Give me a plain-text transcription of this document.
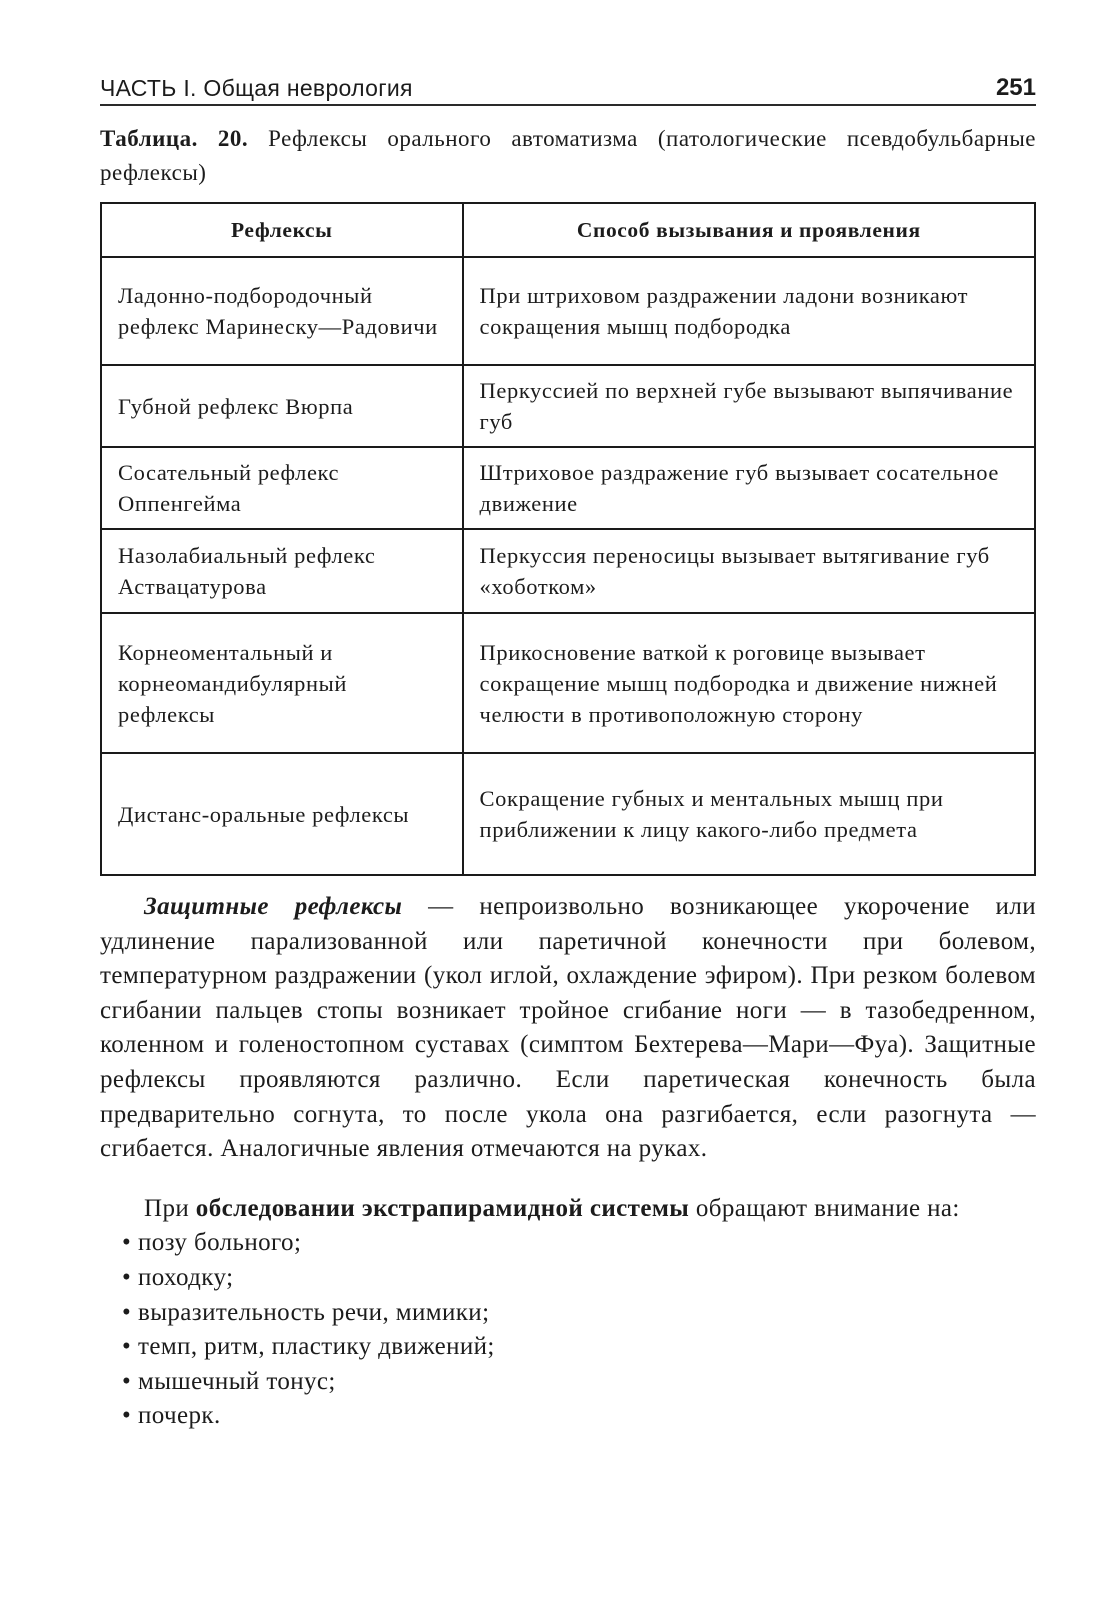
ЧАСТЬ I. Общая неврология	251
Таблица. 20. Рефлексы орального автоматизма (патологические псевдобульбарные рефлексы)
Рефлексы	Способ вызывания и проявления
Ладонно-подбородочный рефлекс Маринеску—Радовичи	При штриховом раздражении ладони возникают сокращения мышц подбородка
Губной рефлекс Вюрпа	Перкуссией по верхней губе вызывают выпячивание губ
Сосательный рефлекс Оппенгейма	Штриховое раздражение губ вызывает сосательное движение
Назолабиальный рефлекс Аствацатурова	Перкуссия переносицы вызывает вытягивание губ «хоботком»
Корнеоментальный и корнеомандибулярный рефлексы	Прикосновение ваткой к роговице вызывает сокращение мышц подбородка и движение нижней челюсти в противоположную сторону
Дистанс-оральные рефлексы	Сокращение губных и ментальных мышц при приближении к лицу какого-либо предмета

Защитные рефлексы — непроизвольно возникающее укорочение или удлинение парализованной или паретичной конечности при болевом, температурном раздражении (укол иглой, охлаждение эфиром). При резком болевом сгибании пальцев стопы возникает тройное сгибание ноги — в тазобедренном, коленном и голеностопном суставах (симптом Бехтерева—Мари—Фуа). Защитные рефлексы проявляются различно. Если паретическая конечность была предварительно согнута, то после укола она разгибается, если разогнута — сгибается. Аналогичные явления отмечаются на руках.

При обследовании экстрапирамидной системы обращают внимание на:

• позу больного;
• походку;
• выразительность речи, мимики;
• темп, ритм, пластику движений;
• мышечный тонус;
• почерк.
